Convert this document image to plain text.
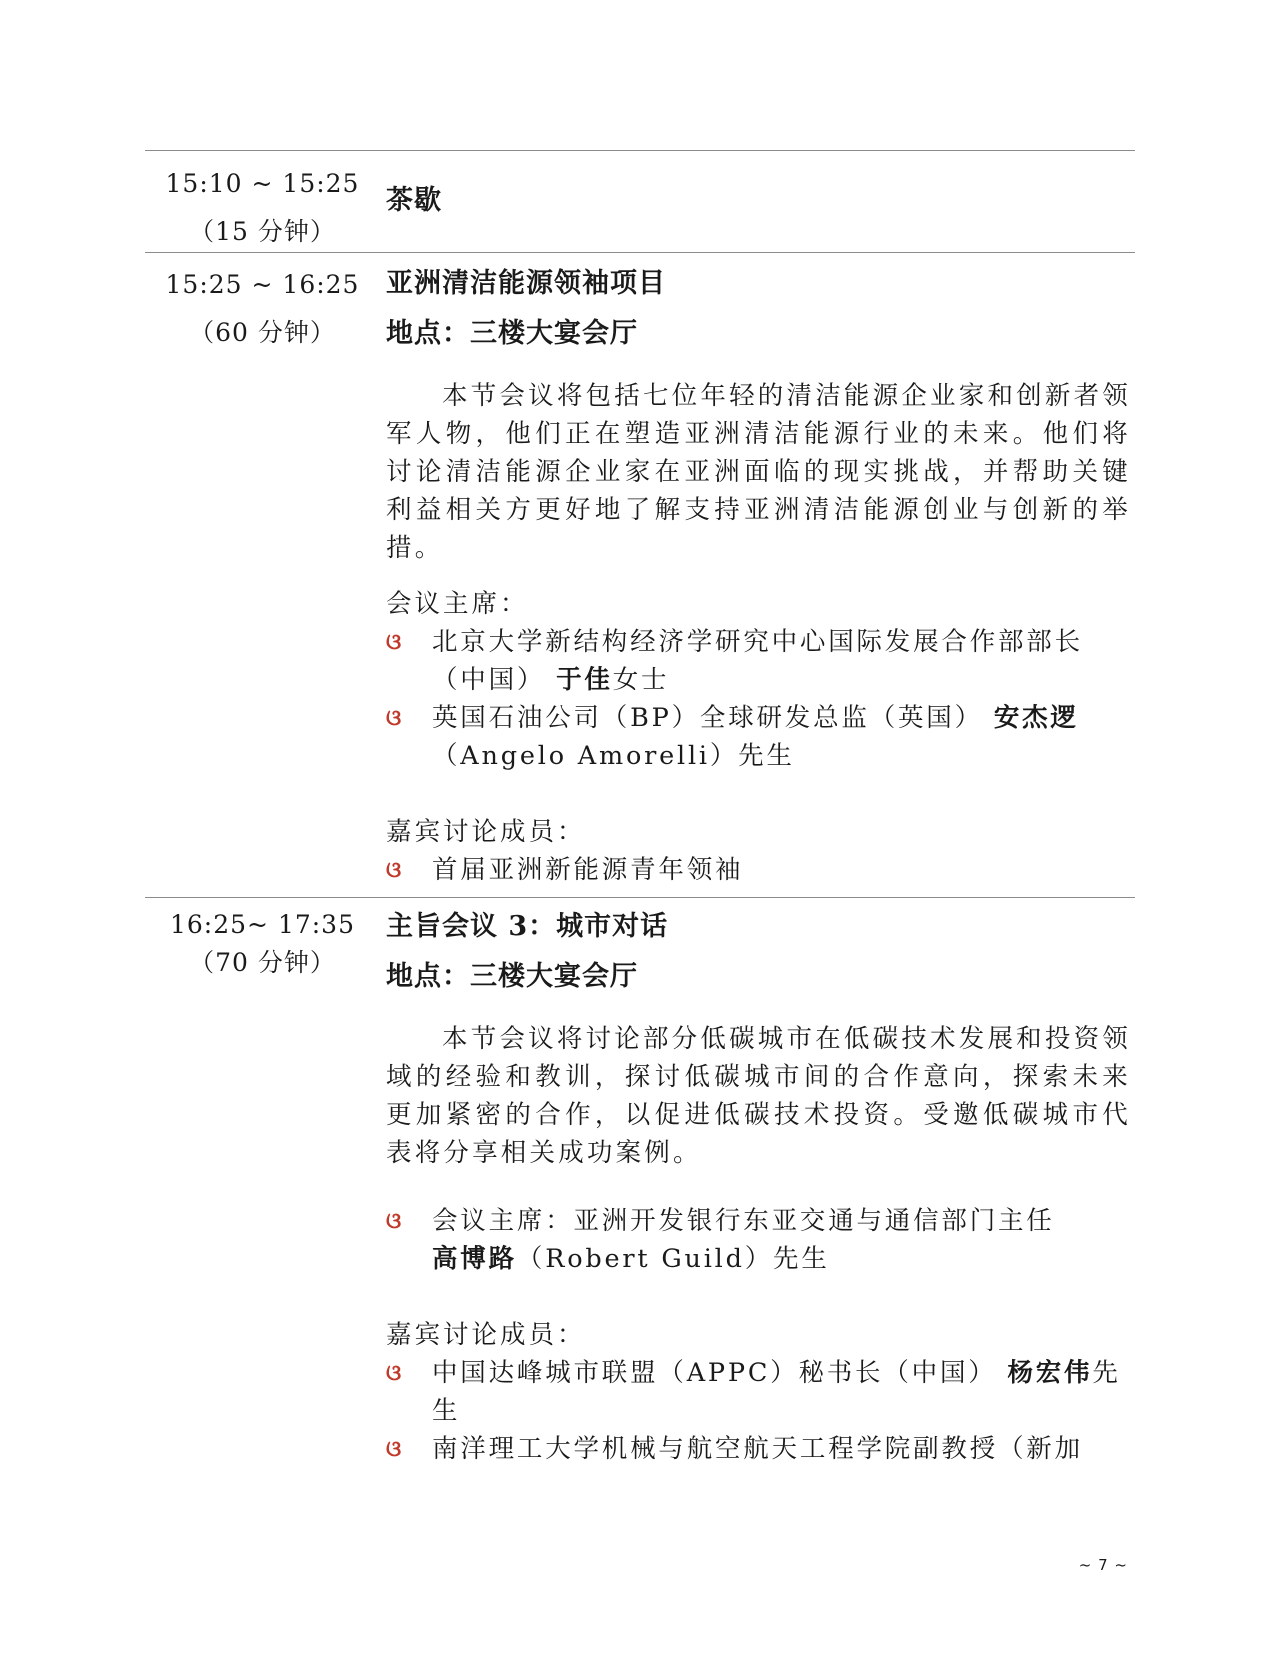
15:10 ~ 15:25
（15 分钟）
茶歇
15:25 ~ 16:25
（60 分钟）
亚洲清洁能源领袖项目
地点：三楼大宴会厅

本节会议将包括七位年轻的清洁能源企业家和创新者领军人物，他们正在塑造亚洲清洁能源行业的未来。他们将讨论清洁能源企业家在亚洲面临的现实挑战，并帮助关键利益相关方更好地了解支持亚洲清洁能源创业与创新的举措。

会议主席：
ଓ 北京大学新结构经济学研究中心国际发展合作部部长（中国） 于佳女士
ଓ 英国石油公司（BP）全球研发总监（英国） 安杰逻（Angelo Amorelli）先生
嘉宾讨论成员：
ଓ 首届亚洲新能源青年领袖
16:25~ 17:35
（70 分钟）
主旨会议 3：城市对话
地点：三楼大宴会厅

本节会议将讨论部分低碳城市在低碳技术发展和投资领域的经验和教训，探讨低碳城市间的合作意向，探索未来更加紧密的合作，以促进低碳技术投资。受邀低碳城市代表将分享相关成功案例。

ଓ 会议主席：亚洲开发银行东亚交通与通信部门主任
高博路（Robert Guild）先生
嘉宾讨论成员：
ଓ 中国达峰城市联盟（APPC）秘书长（中国） 杨宏伟先生
ଓ 南洋理工大学机械与航空航天工程学院副教授（新加
~ 7 ~
